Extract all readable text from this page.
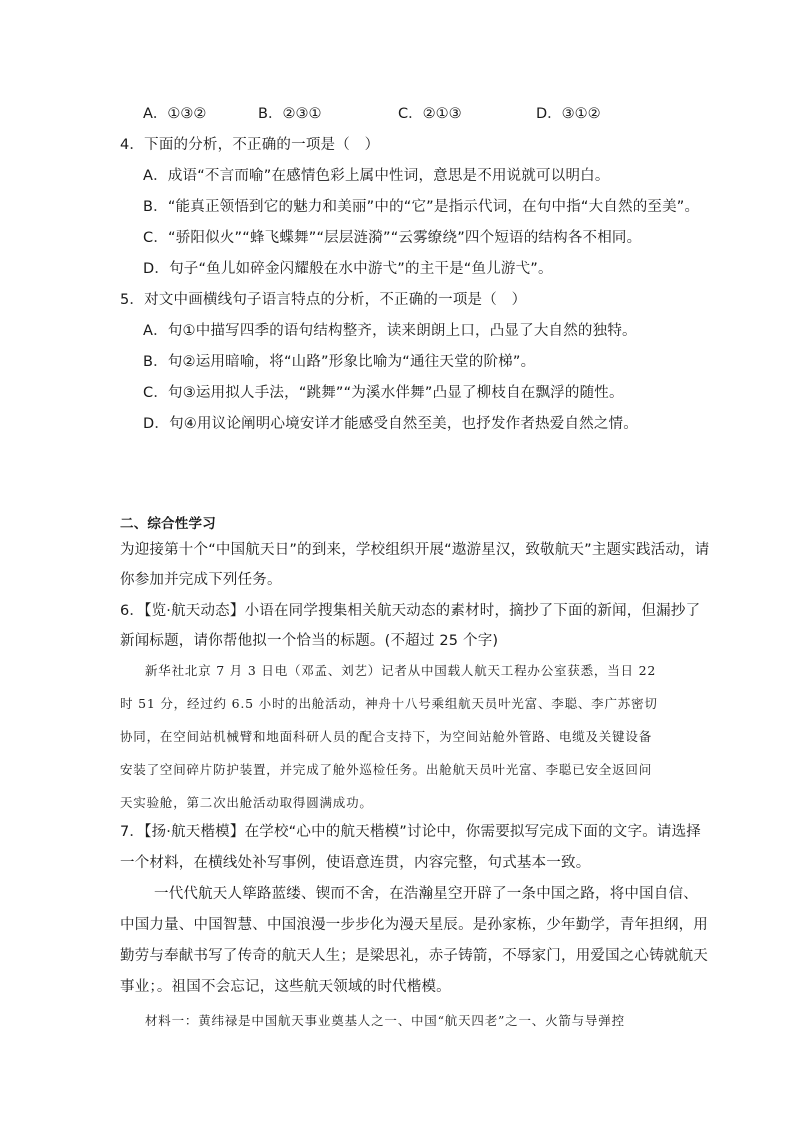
A．①③②	B．②③①	C．②①③	D．③①②
4．下面的分析，不正确的一项是（　）
A．成语“不言而喻”在感情色彩上属中性词，意思是不用说就可以明白。
B．“能真正领悟到它的魅力和美丽”中的“它”是指示代词，在句中指“大自然的至美”。
C．“骄阳似火”“蜂飞蝶舞”“层层涟漪”“云雾缭绕”四个短语的结构各不相同。
D．句子“鱼儿如碎金闪耀般在水中游弋”的主干是“鱼儿游弋”。
5．对文中画横线句子语言特点的分析，不正确的一项是（　）
A．句①中描写四季的语句结构整齐，读来朗朗上口，凸显了大自然的独特。
B．句②运用暗喻，将“山路”形象比喻为“通往天堂的阶梯”。
C．句③运用拟人手法，“跳舞”“为溪水伴舞”凸显了柳枝自在飘浮的随性。
D．句④用议论阐明心境安详才能感受自然至美，也抒发作者热爱自然之情。
二、综合性学习
为迎接第十个“中国航天日”的到来，学校组织开展“遨游星汉，致敬航天”主题实践活动，请
你参加并完成下列任务。
6．【览·航天动态】小语在同学搜集相关航天动态的素材时，摘抄了下面的新闻，但漏抄了
新闻标题，请你帮他拟一个恰当的标题。(不超过 25 个字)
新华社北京 7 月 3 日电（邓孟、刘艺）记者从中国载人航天工程办公室获悉，当日 22
时 51 分，经过约 6.5 小时的出舱活动，神舟十八号乘组航天员叶光富、李聪、李广苏密切
协同，在空间站机械臂和地面科研人员的配合支持下，为空间站舱外管路、电缆及关键设备
安装了空间碎片防护装置，并完成了舱外巡检任务。出舱航天员叶光富、李聪已安全返回问
天实验舱，第二次出舱活动取得圆满成功。
7．【扬·航天楷模】在学校“心中的航天楷模”讨论中，你需要拟写完成下面的文字。请选择
一个材料，在横线处补写事例，使语意连贯，内容完整，句式基本一致。
一代代航天人筚路蓝缕、锲而不舍，在浩瀚星空开辟了一条中国之路，将中国自信、
中国力量、中国智慧、中国浪漫一步步化为漫天星辰。是孙家栋，少年勤学，青年担纲，用
勤劳与奉献书写了传奇的航天人生；是梁思礼，赤子铸箭，不辱家门，用爱国之心铸就航天
事业；。祖国不会忘记，这些航天领域的时代楷模。
材料一：黄纬禄是中国航天事业奠基人之一、中国“航天四老”之一、火箭与导弹控
